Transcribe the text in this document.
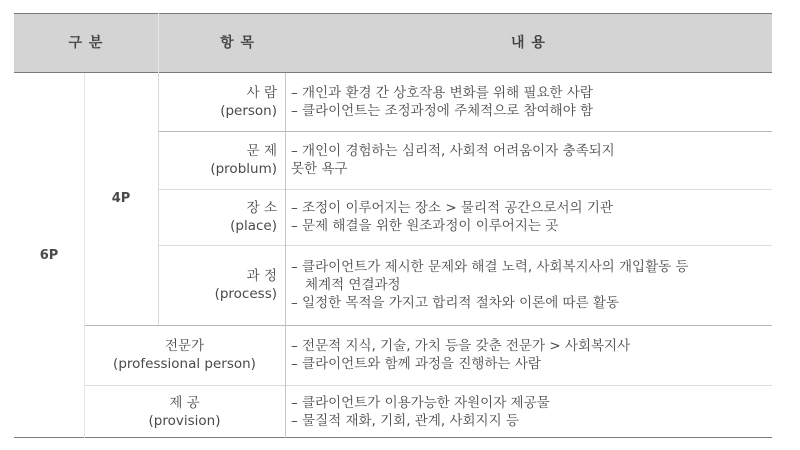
구 분	항 목	내 용
6P
4P
사 람
(person)
– 개인과 환경 간 상호작용 변화를 위해 필요한 사람
– 클라이언트는 조정과정에 주체적으로 참여해야 함
문 제
(problum)
– 개인이 경험하는 심리적, 사회적 어려움이자 충족되지
못한 욕구
장 소
(place)
– 조정이 이루어지는 장소 > 물리적 공간으로서의 기관
– 문제 해결을 위한 원조과정이 이루어지는 곳
과 정
(process)
– 클라이언트가 제시한 문제와 해결 노력, 사회복지사의 개입활동 등
체계적 연결과정
– 일정한 목적을 가지고 합리적 절차와 이론에 따른 활동
전문가
(professional person)
– 전문적 지식, 기술, 가치 등을 갖춘 전문가 > 사회복지사
– 클라이언트와 함께 과정을 진행하는 사람
제 공
(provision)
– 클라이언트가 이용가능한 자원이자 제공물
– 물질적 재화, 기회, 관계, 사회지지 등
